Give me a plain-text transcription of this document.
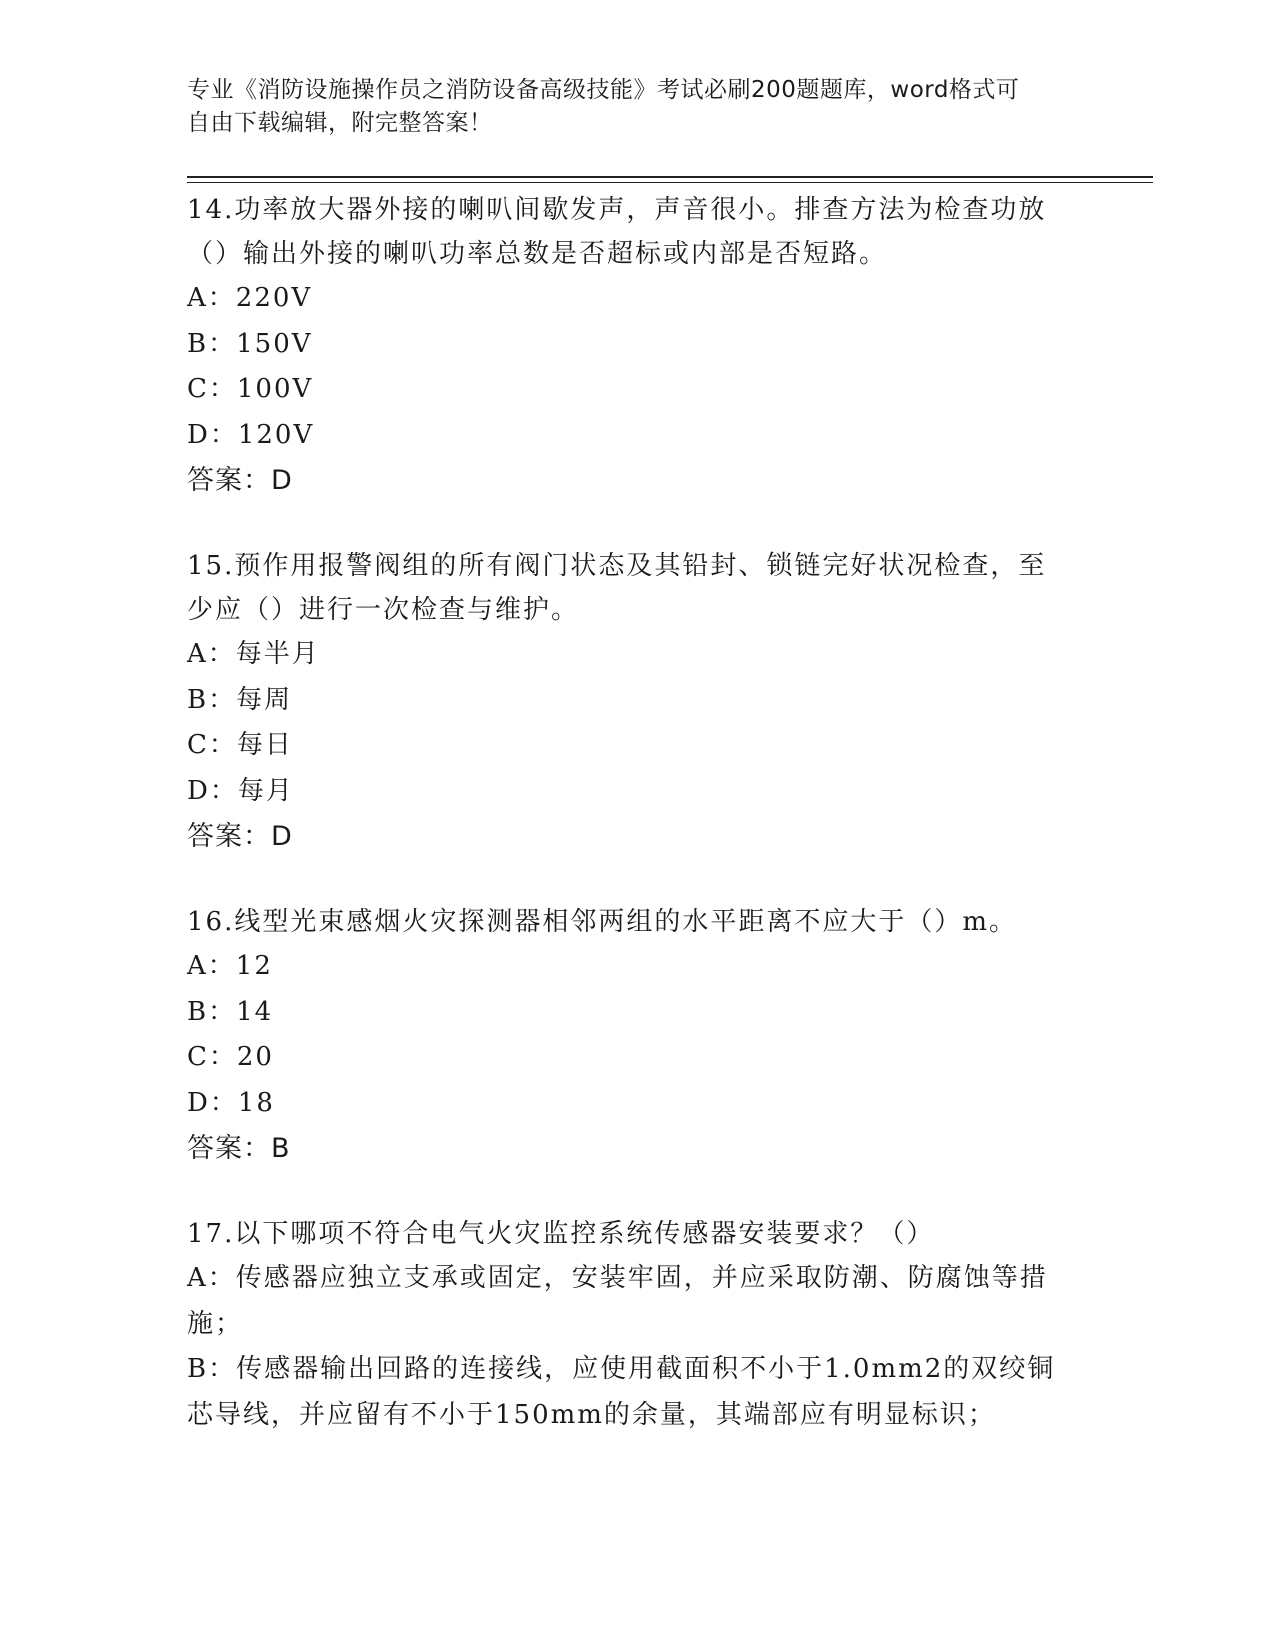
专业《消防设施操作员之消防设备高级技能》考试必刷200题题库，word格式可
自由下载编辑，附完整答案！
14.功率放大器外接的喇叭间歇发声，声音很小。排查方法为检查功放
（）输出外接的喇叭功率总数是否超标或内部是否短路。
A：220V
B：150V
C：100V
D：120V
答案：D
15.预作用报警阀组的所有阀门状态及其铅封、锁链完好状况检查，至
少应（）进行一次检查与维护。
A：每半月
B：每周
C：每日
D：每月
答案：D
16.线型光束感烟火灾探测器相邻两组的水平距离不应大于（）m。
A：12
B：14
C：20
D：18
答案：B
17.以下哪项不符合电气火灾监控系统传感器安装要求？（）
A：传感器应独立支承或固定，安装牢固，并应采取防潮、防腐蚀等措
施；
B：传感器输出回路的连接线，应使用截面积不小于1.0mm2的双绞铜
芯导线，并应留有不小于150mm的余量，其端部应有明显标识；
